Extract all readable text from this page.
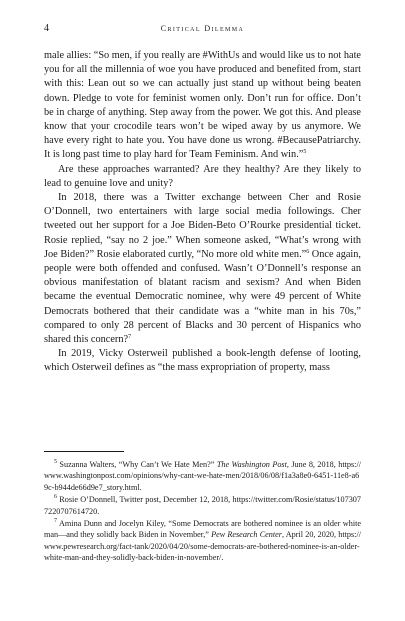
4	Critical Dilemma

male allies: “So men, if you really are #WithUs and would like us to not hate you for all the millennia of woe you have produced and benefited from, start with this: Lean out so we can actually just stand up without being beaten down. Pledge to vote for feminist women only. Don’t run for office. Don’t be in charge of anything. Step away from the power. We got this. And please know that your crocodile tears won’t be wiped away by us anymore. We have every right to hate you. You have done us wrong. #BecausePatriarchy. It is long past time to play hard for Team Feminism. And win.”$^5$

Are these approaches warranted? Are they healthy? Are they likely to lead to genuine love and unity?

In 2018, there was a Twitter exchange between Cher and Rosie O’Donnell, two entertainers with large social media followings. Cher tweeted out her support for a Joe Biden-Beto O’Rourke presidential ticket. Rosie replied, “say no 2 joe.” When someone asked, “What’s wrong with Joe Biden?” Rosie elaborated curtly, “No more old white men.”$^6$ Once again, people were both offended and confused. Wasn’t O’Donnell’s response an obvious manifestation of blatant racism and sexism? And when Biden became the eventual Democratic nominee, why were 49 percent of White Democrats bothered that their candidate was a “white man in his 70s,” compared to only 28 percent of Blacks and 30 percent of Hispanics who shared this concern?$^7$

In 2019, Vicky Osterweil published a book-length defense of looting, which Osterweil defines as “the mass expropriation of property, mass

$^5$ Suzanna Walters, “Why Can’t We Hate Men?” The Washington Post, June 8, 2018, https://www.washingtonpost.com/opinions/why-cant-we-hate-men/2018/06/08/f1a3a8e0-6451-11e8-a69c-b944de66d9e7_story.html.

$^6$ Rosie O’Donnell, Twitter post, December 12, 2018, https://twitter.com/Rosie/status/1073077220707614720.

$^7$ Amina Dunn and Jocelyn Kiley, “Some Democrats are bothered nominee is an older white man—and they solidly back Biden in November,” Pew Research Center, April 20, 2020, https://www.pewresearch.org/fact-tank/2020/04/20/some-democrats-are-bothered-nominee-is-an-older-white-man-and-they-solidly-back-biden-in-november/.
